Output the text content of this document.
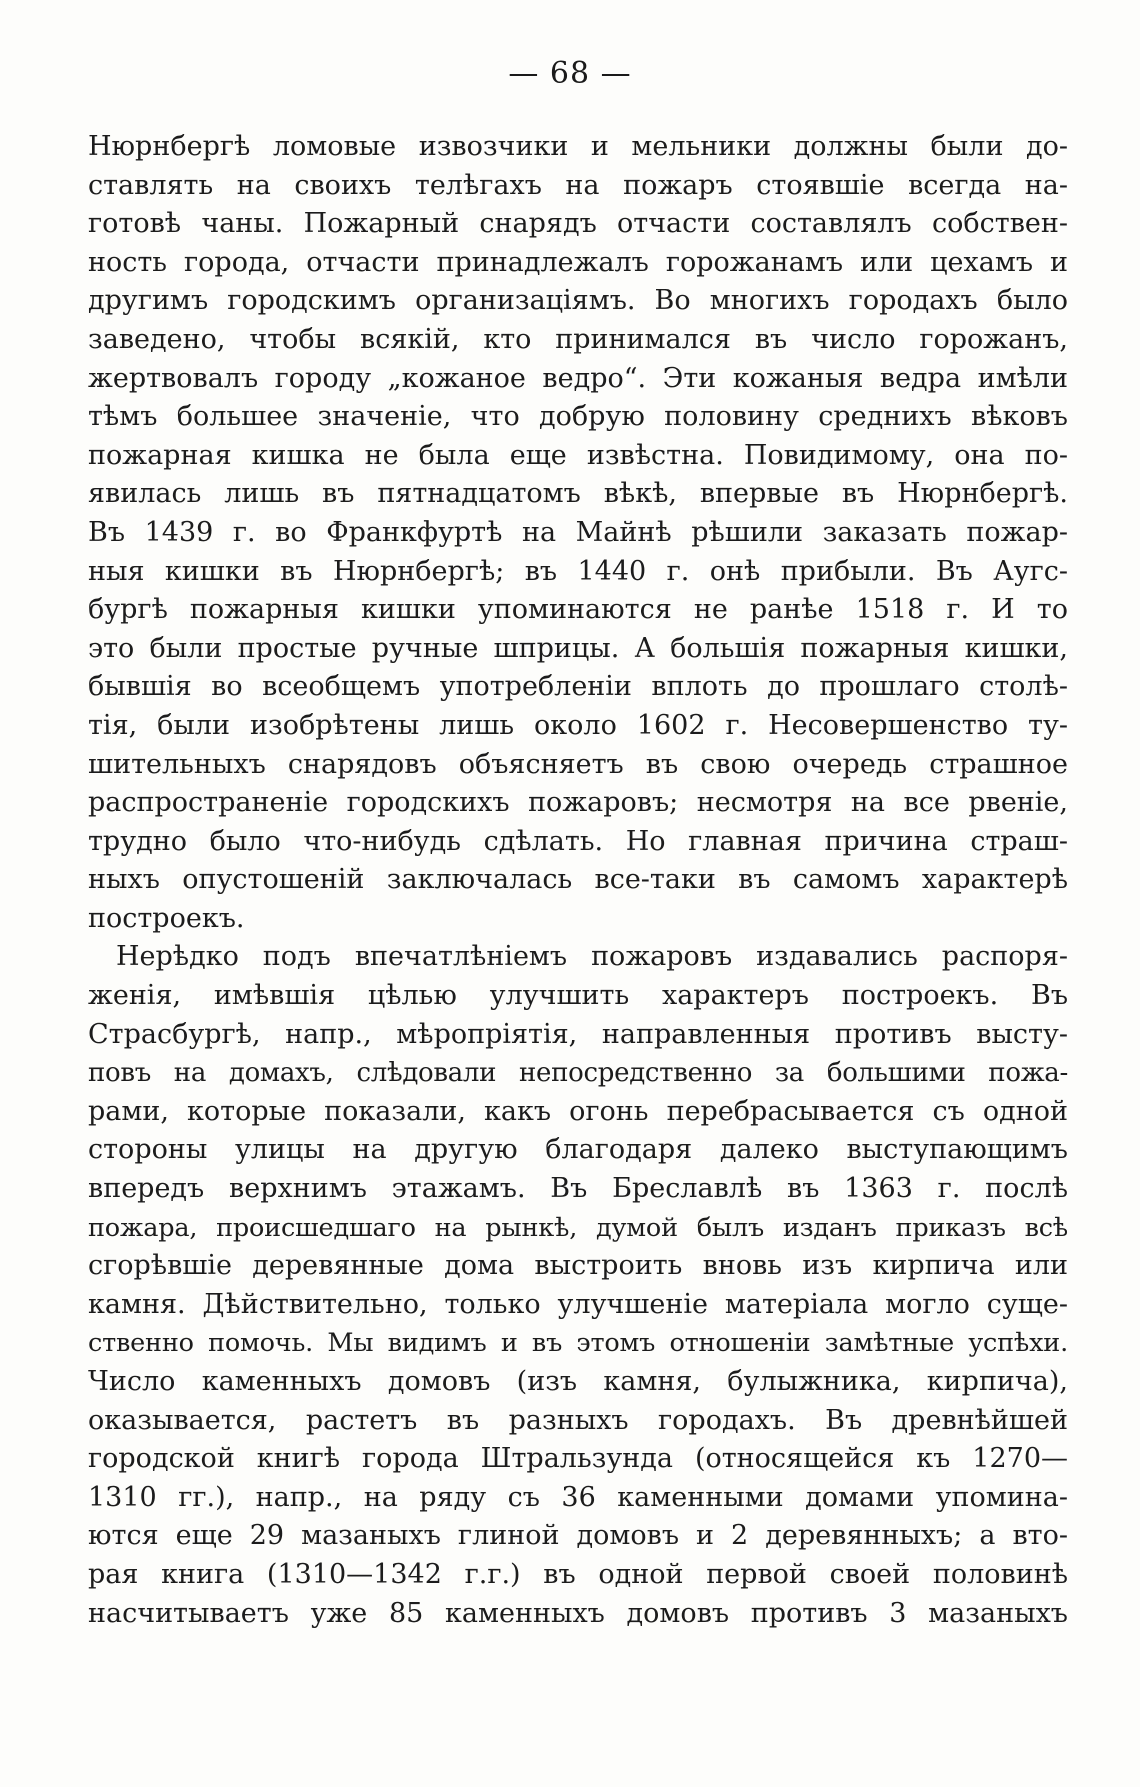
— 68 —
Нюрнбергѣ ломовые извозчики и мельники должны были до-
ставлять на своихъ телѣгахъ на пожаръ стоявшіе всегда на-
готовѣ чаны. Пожарный снарядъ отчасти составлялъ собствен-
ность города, отчасти принадлежалъ горожанамъ или цехамъ и
другимъ городскимъ организаціямъ. Во многихъ городахъ было
заведено, чтобы всякій, кто принимался въ число горожанъ,
жертвовалъ городу „кожаное ведро“. Эти кожаныя ведра имѣли
тѣмъ большее значеніе, что добрую половину среднихъ вѣковъ
пожарная кишка не была еще извѣстна. Повидимому, она по-
явилась лишь въ пятнадцатомъ вѣкѣ, впервые въ Нюрнбергѣ.
Въ 1439 г. во Франкфуртѣ на Майнѣ рѣшили заказать пожар-
ныя кишки въ Нюрнбергѣ; въ 1440 г. онѣ прибыли. Въ Аугс-
бургѣ пожарныя кишки упоминаются не ранѣе 1518 г. И то
это были простые ручные шприцы. А большія пожарныя кишки,
бывшія во всеобщемъ употребленіи вплоть до прошлаго столѣ-
тія, были изобрѣтены лишь около 1602 г. Несовершенство ту-
шительныхъ снарядовъ объясняетъ въ свою очередь страшное
распространеніе городскихъ пожаровъ; несмотря на все рвеніе,
трудно было что-нибудь сдѣлать. Но главная причина страш-
ныхъ опустошеній заключалась все-таки въ самомъ характерѣ
построекъ.
Нерѣдко подъ впечатлѣніемъ пожаровъ издавались распоря-
женія, имѣвшія цѣлью улучшить характеръ построекъ. Въ
Страсбургѣ, напр., мѣропріятія, направленныя противъ высту-
повъ на домахъ, слѣдовали непосредственно за большими пожа-
рами, которые показали, какъ огонь перебрасывается съ одной
стороны улицы на другую благодаря далеко выступающимъ
впередъ верхнимъ этажамъ. Въ Бреславлѣ въ 1363 г. послѣ
пожара, происшедшаго на рынкѣ, думой былъ изданъ приказъ всѣ
сгорѣвшіе деревянные дома выстроить вновь изъ кирпича или
камня. Дѣйствительно, только улучшеніе матеріала могло суще-
ственно помочь. Мы видимъ и въ этомъ отношеніи замѣтные успѣхи.
Число каменныхъ домовъ (изъ камня, булыжника, кирпича),
оказывается, растетъ въ разныхъ городахъ. Въ древнѣйшей
городской книгѣ города Штральзунда (относящейся къ 1270—
1310 гг.), напр., на ряду съ 36 каменными домами упомина-
ются еще 29 мазаныхъ глиной домовъ и 2 деревянныхъ; а вто-
рая книга (1310—1342 г.г.) въ одной первой своей половинѣ
насчитываетъ уже 85 каменныхъ домовъ противъ 3 мазаныхъ
